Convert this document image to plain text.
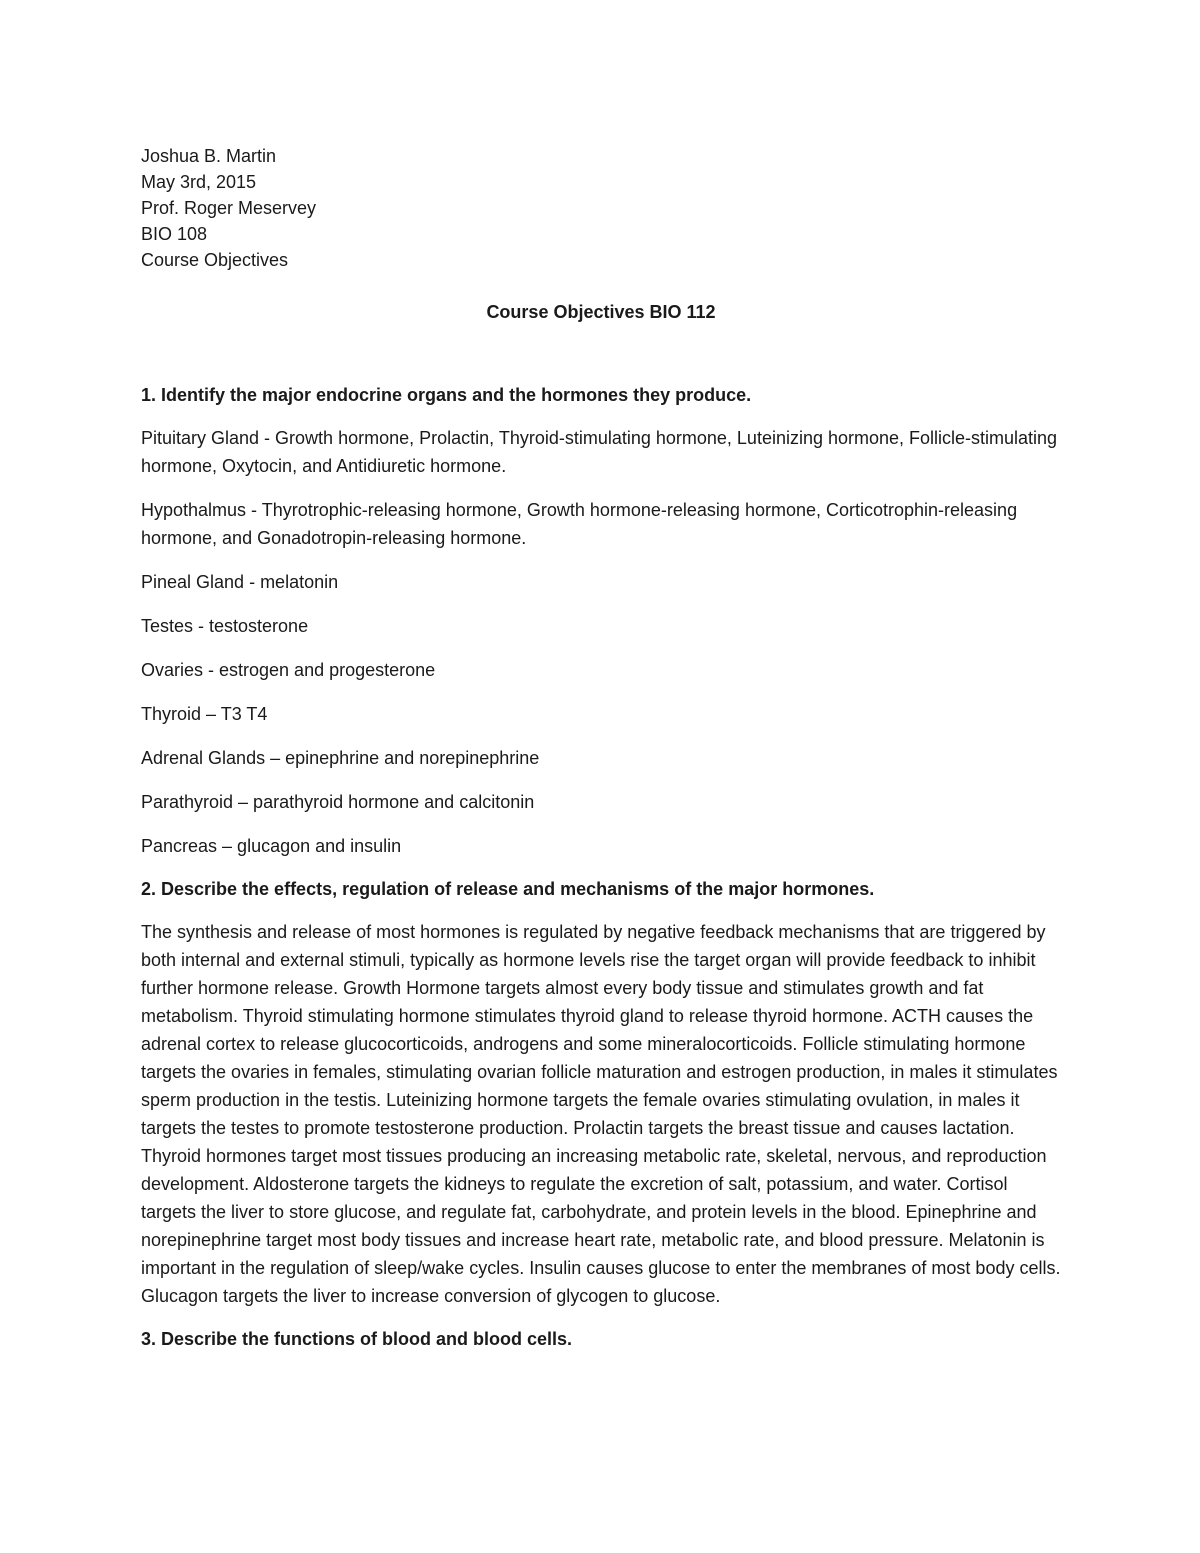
Joshua B. Martin

May 3rd, 2015

Prof. Roger Meservey

BIO 108

Course Objectives

Course Objectives BIO 112

1. Identify the major endocrine organs and the hormones they produce.

Pituitary Gland - Growth hormone, Prolactin, Thyroid-stimulating hormone, Luteinizing hormone, Follicle-stimulating hormone, Oxytocin, and Antidiuretic hormone.

Hypothalmus - Thyrotrophic-releasing hormone, Growth hormone-releasing hormone, Corticotrophin-releasing hormone, and Gonadotropin-releasing hormone.

Pineal Gland - melatonin

Testes - testosterone

Ovaries - estrogen and progesterone

Thyroid – T3 T4

Adrenal Glands – epinephrine and norepinephrine

Parathyroid – parathyroid hormone and calcitonin

Pancreas – glucagon and insulin

2. Describe the effects, regulation of release and mechanisms of the major hormones.

The synthesis and release of most hormones is regulated by negative feedback mechanisms that are triggered by both internal and external stimuli, typically as hormone levels rise the target organ will provide feedback to inhibit further hormone release. Growth Hormone targets almost every body tissue and stimulates growth and fat metabolism. Thyroid stimulating hormone stimulates thyroid gland to release thyroid hormone. ACTH causes the adrenal cortex to release glucocorticoids, androgens and some mineralocorticoids. Follicle stimulating hormone targets the ovaries in females, stimulating ovarian follicle maturation and estrogen production, in males it stimulates sperm production in the testis. Luteinizing hormone targets the female ovaries stimulating ovulation, in males it targets the testes to promote testosterone production. Prolactin targets the breast tissue and causes lactation. Thyroid hormones target most tissues producing an increasing metabolic rate, skeletal, nervous, and reproduction development. Aldosterone targets the kidneys to regulate the excretion of salt, potassium, and water. Cortisol targets the liver to store glucose, and regulate fat, carbohydrate, and protein levels in the blood. Epinephrine and norepinephrine target most body tissues and increase heart rate, metabolic rate, and blood pressure. Melatonin is important in the regulation of sleep/wake cycles. Insulin causes glucose to enter the membranes of most body cells. Glucagon targets the liver to increase conversion of glycogen to glucose.

3. Describe the functions of blood and blood cells.
